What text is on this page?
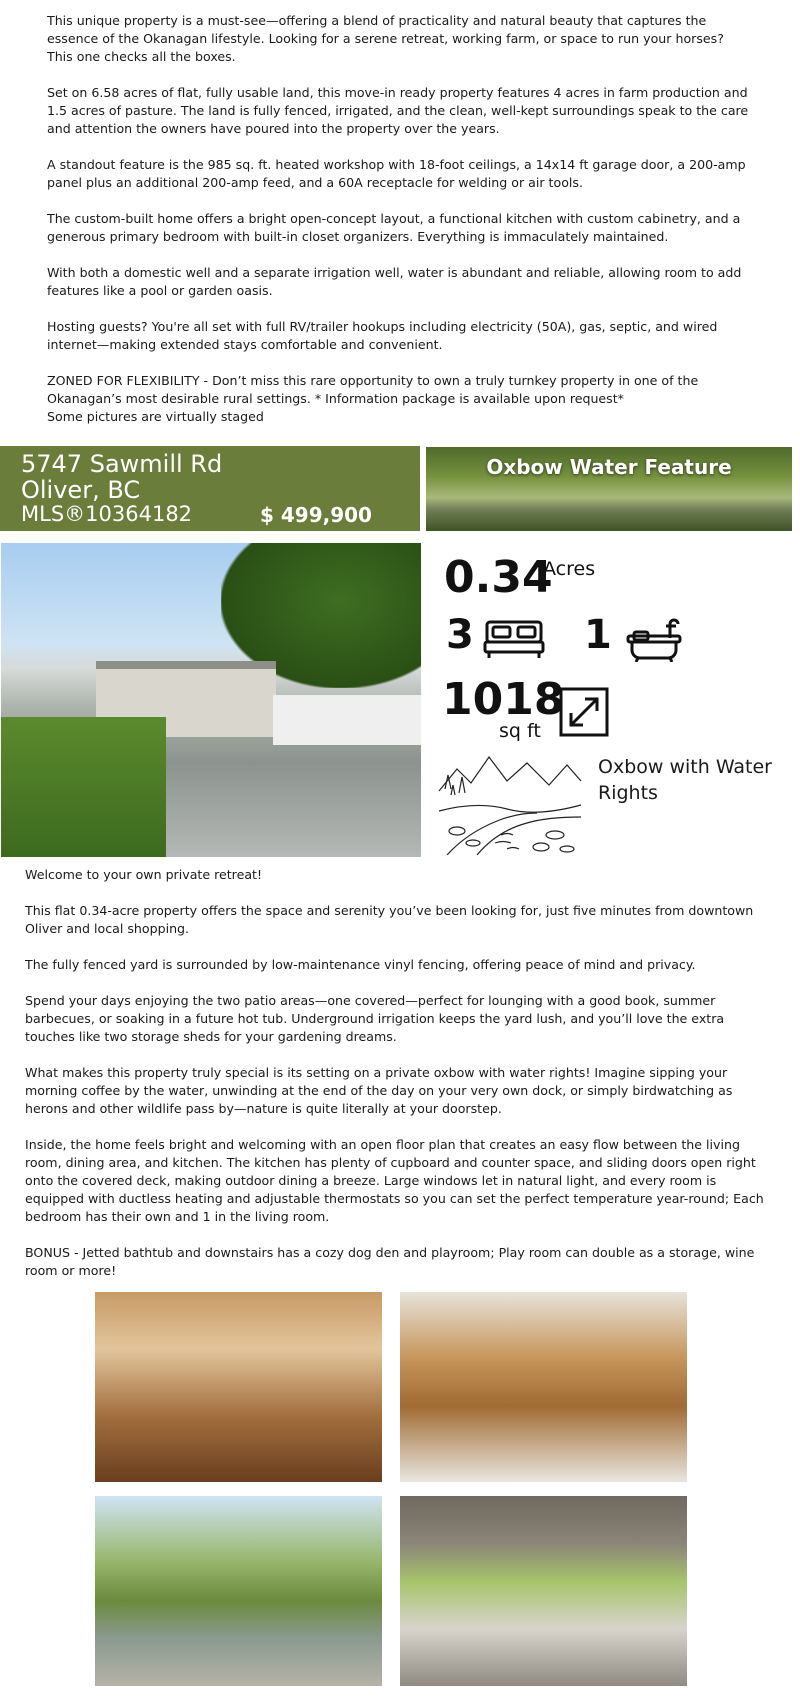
This unique property is a must-see—offering a blend of practicality and natural beauty that captures the essence of the Okanagan lifestyle. Looking for a serene retreat, working farm, or space to run your horses? This one checks all the boxes.

Set on 6.58 acres of flat, fully usable land, this move-in ready property features 4 acres in farm production and 1.5 acres of pasture. The land is fully fenced, irrigated, and the clean, well-kept surroundings speak to the care and attention the owners have poured into the property over the years.

A standout feature is the 985 sq. ft. heated workshop with 18-foot ceilings, a 14x14 ft garage door, a 200-amp panel plus an additional 200-amp feed, and a 60A receptacle for welding or air tools.

The custom-built home offers a bright open-concept layout, a functional kitchen with custom cabinetry, and a generous primary bedroom with built-in closet organizers. Everything is immaculately maintained.

With both a domestic well and a separate irrigation well, water is abundant and reliable, allowing room to add features like a pool or garden oasis.

Hosting guests? You're all set with full RV/trailer hookups including electricity (50A), gas, septic, and wired internet—making extended stays comfortable and convenient.

ZONED FOR FLEXIBILITY - Don’t miss this rare opportunity to own a truly turnkey property in one of the Okanagan’s most desirable rural settings. * Information package is available upon request*
Some pictures are virtually staged

5747 Sawmill Rd
Oliver, BC
MLS®10364182	$ 499,900
Oxbow Water Feature
0.34
Acres
3	1
1018
sq ft
Oxbow with Water Rights

Welcome to your own private retreat!

This flat 0.34-acre property offers the space and serenity you’ve been looking for, just five minutes from downtown Oliver and local shopping.

The fully fenced yard is surrounded by low-maintenance vinyl fencing, offering peace of mind and privacy.

Spend your days enjoying the two patio areas—one covered—perfect for lounging with a good book, summer barbecues, or soaking in a future hot tub. Underground irrigation keeps the yard lush, and you’ll love the extra touches like two storage sheds for your gardening dreams.

What makes this property truly special is its setting on a private oxbow with water rights! Imagine sipping your morning coffee by the water, unwinding at the end of the day on your very own dock, or simply birdwatching as herons and other wildlife pass by—nature is quite literally at your doorstep.

Inside, the home feels bright and welcoming with an open floor plan that creates an easy flow between the living room, dining area, and kitchen. The kitchen has plenty of cupboard and counter space, and sliding doors open right onto the covered deck, making outdoor dining a breeze. Large windows let in natural light, and every room is equipped with ductless heating and adjustable thermostats so you can set the perfect temperature year-round; Each bedroom has their own and 1 in the living room.

BONUS - Jetted bathtub and downstairs has a cozy dog den and playroom; Play room can double as a storage, wine room or more!
